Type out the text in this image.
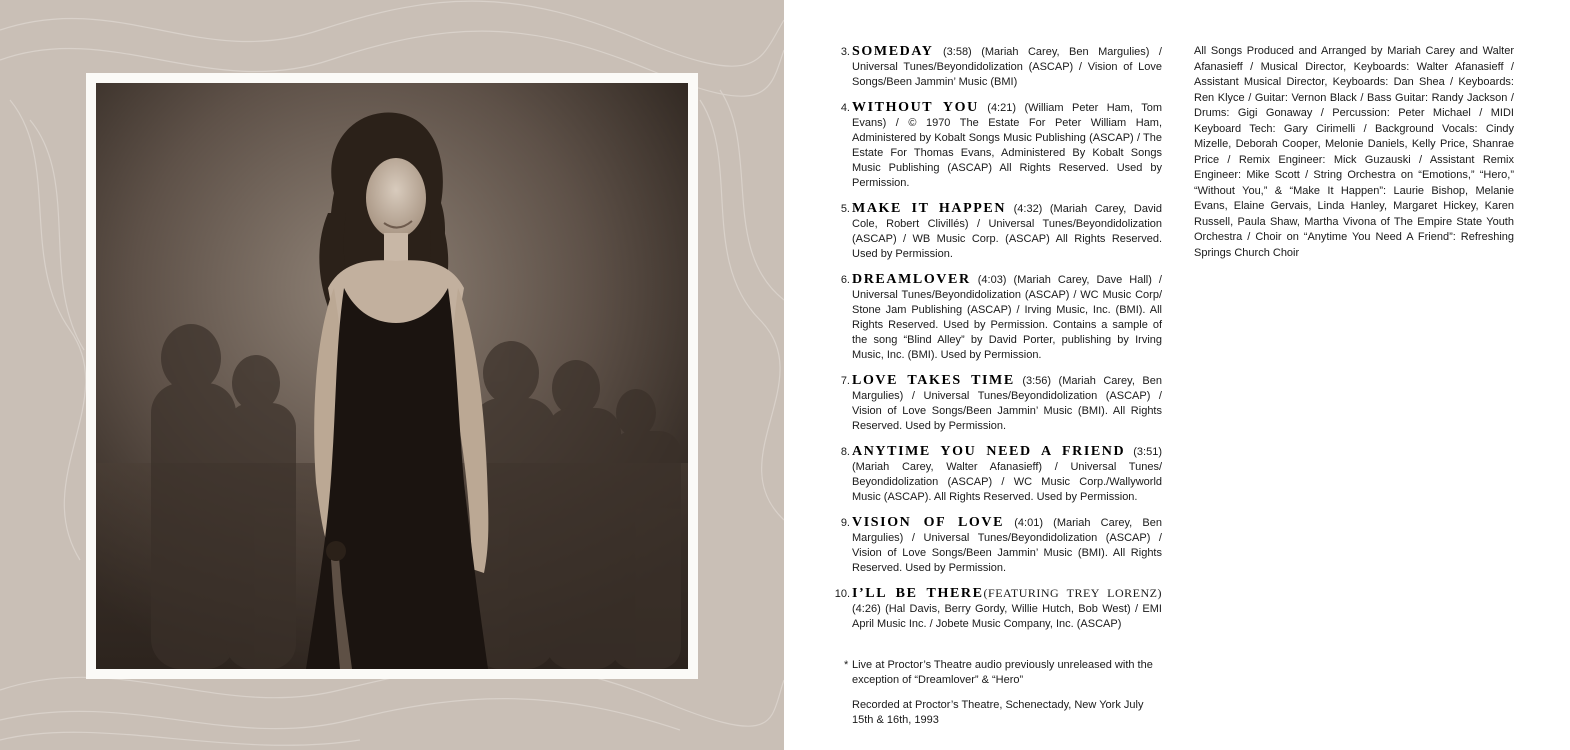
3. SOMEDAY (3:58) (Mariah Carey, Ben Margulies) / Universal Tunes/Beyondidolization (ASCAP) / Vision of Love Songs/Been Jammin’ Music (BMI)
4. WITHOUT YOU (4:21) (William Peter Ham, Tom Evans) / © 1970 The Estate For Peter William Ham, Administered by Kobalt Songs Music Publishing (ASCAP) / The Estate For Thomas Evans, Administered By Kobalt Songs Music Publishing (ASCAP) All Rights Reserved. Used by Permission.
5. MAKE IT HAPPEN (4:32) (Mariah Carey, David Cole, Robert Clivillés) / Universal Tunes/Beyondidolization (ASCAP) / WB Music Corp. (ASCAP) All Rights Reserved. Used by Permission.
6. DREAMLOVER (4:03) (Mariah Carey, Dave Hall) / Universal Tunes/Beyondidolization (ASCAP) / WC Music Corp/ Stone Jam Publishing (ASCAP) / Irving Music, Inc. (BMI). All Rights Reserved. Used by Permission. Contains a sample of the song “Blind Alley” by David Porter, publishing by Irving Music, Inc. (BMI). Used by Permission.
7. LOVE TAKES TIME (3:56) (Mariah Carey, Ben Margulies) / Universal Tunes/Beyondidolization (ASCAP) / Vision of Love Songs/Been Jammin’ Music (BMI). All Rights Reserved. Used by Permission.
8. ANYTIME YOU NEED A FRIEND (3:51) (Mariah Carey, Walter Afanasieff) / Universal Tunes/ Beyondidolization (ASCAP) / WC Music Corp./Wallyworld Music (ASCAP). All Rights Reserved. Used by Permission.
9. VISION OF LOVE (4:01) (Mariah Carey, Ben Margulies) / Universal Tunes/Beyondidolization (ASCAP) / Vision of Love Songs/Been Jammin’ Music (BMI). All Rights Reserved. Used by Permission.
10. I’LL BE THERE(FEATURING TREY LORENZ) (4:26) (Hal Davis, Berry Gordy, Willie Hutch, Bob West) / EMI April Music Inc. / Jobete Music Company, Inc. (ASCAP)

* Live at Proctor’s Theatre audio previously unreleased with the exception of “Dreamlover” & “Hero”

Recorded at Proctor’s Theatre, Schenectady, New York July 15th & 16th, 1993

All Songs Produced and Arranged by Mariah Carey and Walter Afanasieff / Musical Director, Keyboards: Walter Afanasieff / Assistant Musical Director, Keyboards: Dan Shea / Keyboards: Ren Klyce / Guitar: Vernon Black / Bass Guitar: Randy Jackson / Drums: Gigi Gonaway / Percussion: Peter Michael / MIDI Keyboard Tech: Gary Cirimelli / Background Vocals: Cindy Mizelle, Deborah Cooper, Melonie Daniels, Kelly Price, Shanrae Price / Remix Engineer: Mick Guzauski / Assistant Remix Engineer: Mike Scott / String Orchestra on “Emotions,” “Hero,” “Without You,” & “Make It Happen”: Laurie Bishop, Melanie Evans, Elaine Gervais, Linda Hanley, Margaret Hickey, Karen Russell, Paula Shaw, Martha Vivona of The Empire State Youth Orchestra / Choir on “Anytime You Need A Friend”: Refreshing Springs Church Choir
